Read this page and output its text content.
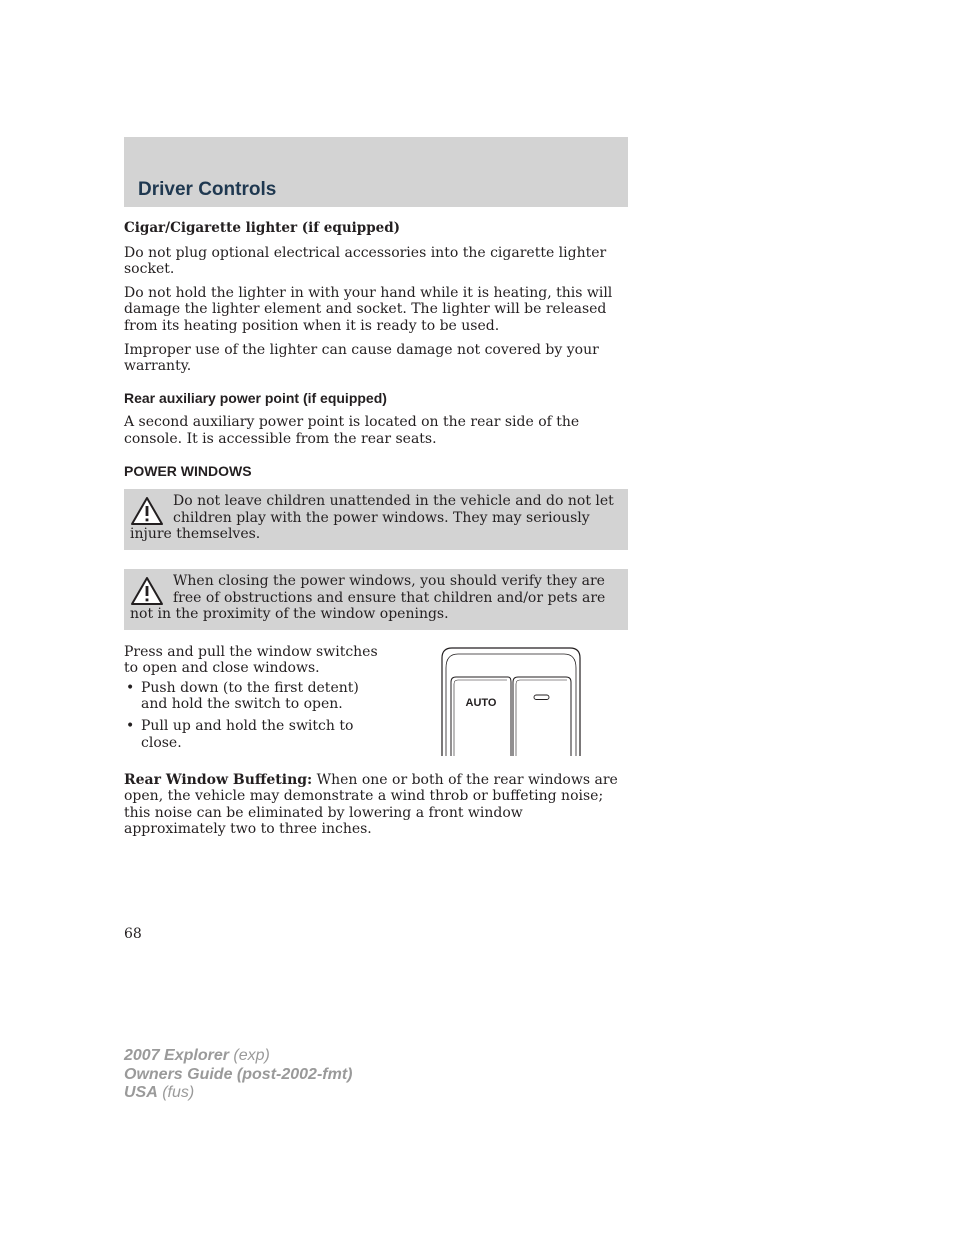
Driver Controls
Cigar/Cigarette lighter (if equipped)

Do not plug optional electrical accessories into the cigarette lighter socket.

Do not hold the lighter in with your hand while it is heating, this will damage the lighter element and socket. The lighter will be released from its heating position when it is ready to be used.

Improper use of the lighter can cause damage not covered by your warranty.

Rear auxiliary power point (if equipped)

A second auxiliary power point is located on the rear side of the console. It is accessible from the rear seats.

POWER WINDOWS
Do not leave children unattended in the vehicle and do not let children play with the power windows. They may seriously injure themselves.
When closing the power windows, you should verify they are free of obstructions and ensure that children and/or pets are not in the proximity of the window openings.

Press and pull the window switches to open and close windows.

• Push down (to the first detent) and hold the switch to open.
• Pull up and hold the switch to close.
AUTO

Rear Window Buffeting: When one or both of the rear windows are open, the vehicle may demonstrate a wind throb or buffeting noise; this noise can be eliminated by lowering a front window approximately two to three inches.

68
2007 Explorer (exp)
Owners Guide (post-2002-fmt)
USA (fus)
